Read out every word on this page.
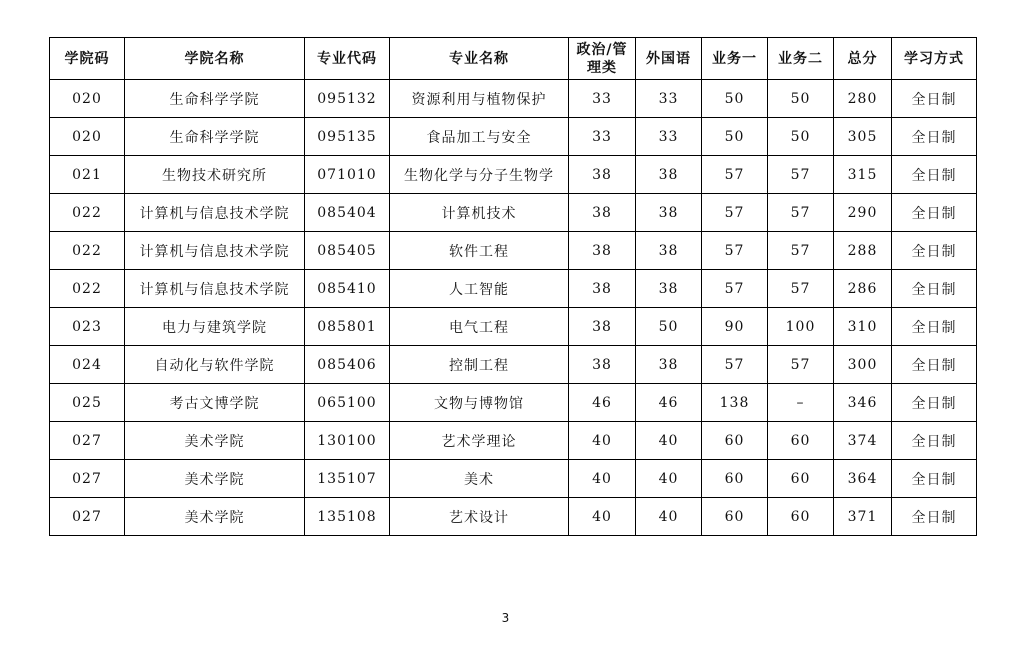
学院码	学院名称	专业代码	专业名称	政治/管理类	外国语	业务一	业务二	总分	学习方式
020	生命科学学院	095132	资源利用与植物保护	33	33	50	50	280	全日制
020	生命科学学院	095135	食品加工与安全	33	33	50	50	305	全日制
021	生物技术研究所	071010	生物化学与分子生物学	38	38	57	57	315	全日制
022	计算机与信息技术学院	085404	计算机技术	38	38	57	57	290	全日制
022	计算机与信息技术学院	085405	软件工程	38	38	57	57	288	全日制
022	计算机与信息技术学院	085410	人工智能	38	38	57	57	286	全日制
023	电力与建筑学院	085801	电气工程	38	50	90	100	310	全日制
024	自动化与软件学院	085406	控制工程	38	38	57	57	300	全日制
025	考古文博学院	065100	文物与博物馆	46	46	138	–	346	全日制
027	美术学院	130100	艺术学理论	40	40	60	60	374	全日制
027	美术学院	135107	美术	40	40	60	60	364	全日制
027	美术学院	135108	艺术设计	40	40	60	60	371	全日制
3
